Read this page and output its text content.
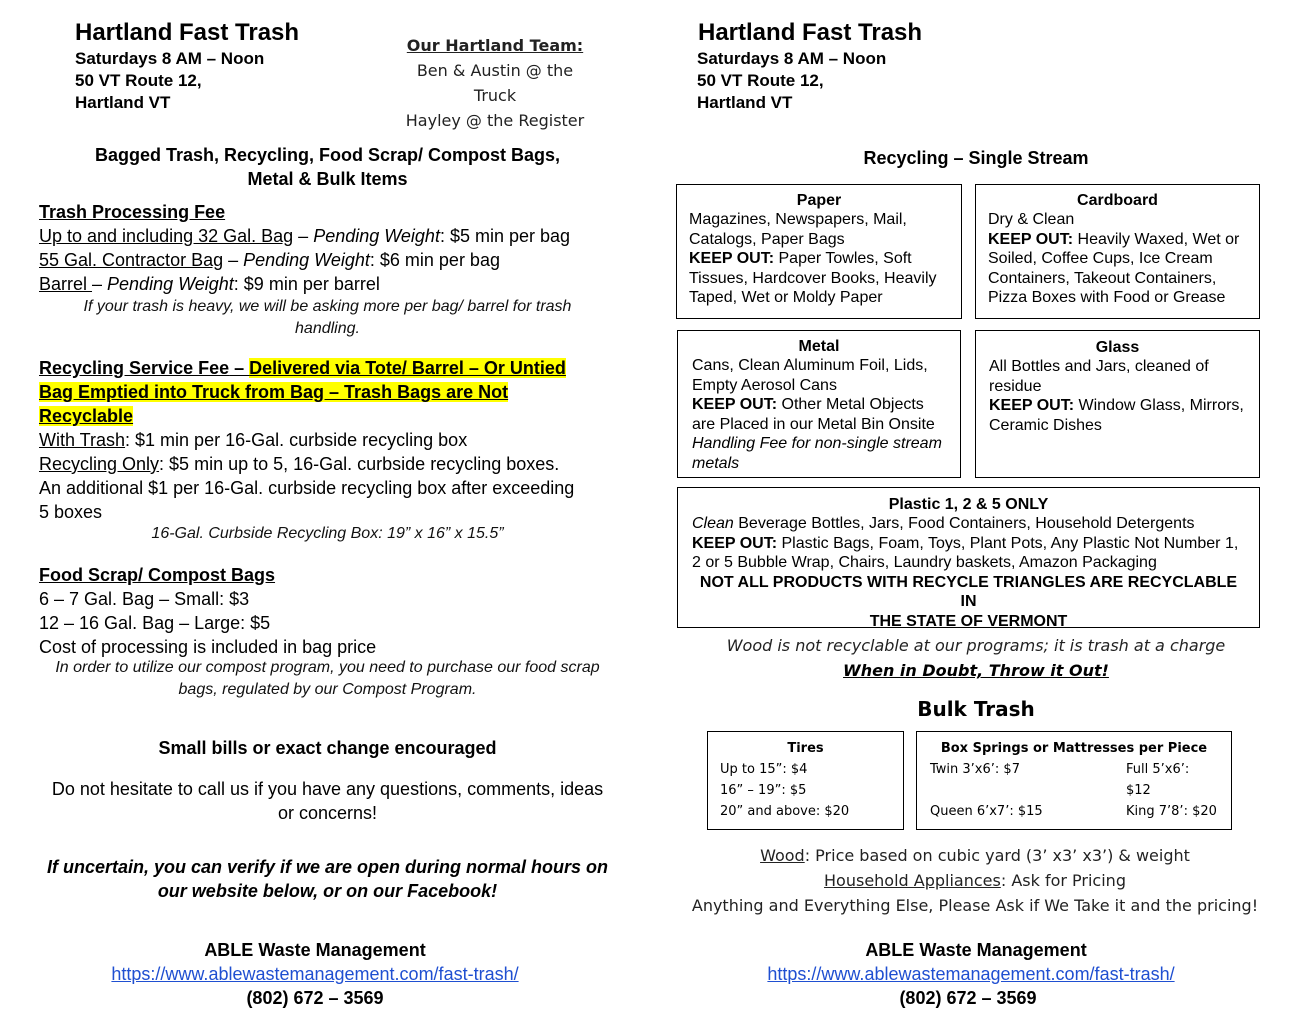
Hartland Fast Trash
Saturdays 8 AM – Noon
50 VT Route 12,
Hartland VT
Our Hartland Team:
Ben & Austin @ the
Truck
Hayley @ the Register
Bagged Trash, Recycling, Food Scrap/ Compost Bags,
Metal & Bulk Items
Trash Processing Fee
Up to and including 32 Gal. Bag – Pending Weight: $5 min per bag
55 Gal. Contractor Bag – Pending Weight: $6 min per bag
Barrel – Pending Weight: $9 min per barrel
If your trash is heavy, we will be asking more per bag/ barrel for trash handling.
Recycling Service Fee – Delivered via Tote/ Barrel – Or Untied
Bag Emptied into Truck from Bag – Trash Bags are Not
Recyclable
With Trash: $1 min per 16-Gal. curbside recycling box
Recycling Only: $5 min up to 5, 16-Gal. curbside recycling boxes.
An additional $1 per 16-Gal. curbside recycling box after exceeding
5 boxes
16-Gal. Curbside Recycling Box: 19” x 16” x 15.5”
Food Scrap/ Compost Bags
6 – 7 Gal. Bag – Small: $3
12 – 16 Gal. Bag – Large: $5
Cost of processing is included in bag price
In order to utilize our compost program, you need to purchase our food scrap bags, regulated by our Compost Program.
Small bills or exact change encouraged
Do not hesitate to call us if you have any questions, comments, ideas or concerns!
If uncertain, you can verify if we are open during normal hours on our website below, or on our Facebook!
ABLE Waste Management
https://www.ablewastemanagement.com/fast-trash/
(802) 672 – 3569
Hartland Fast Trash
Saturdays 8 AM – Noon
50 VT Route 12,
Hartland VT
Recycling – Single Stream
Paper
Magazines, Newspapers, Mail,
Catalogs, Paper Bags
KEEP OUT: Paper Towles, Soft
Tissues, Hardcover Books, Heavily
Taped, Wet or Moldy Paper
Cardboard
Dry & Clean
KEEP OUT: Heavily Waxed, Wet or
Soiled, Coffee Cups, Ice Cream
Containers, Takeout Containers,
Pizza Boxes with Food or Grease
Metal
Cans, Clean Aluminum Foil, Lids,
Empty Aerosol Cans
KEEP OUT: Other Metal Objects
are Placed in our Metal Bin Onsite
Handling Fee for non-single stream
metals
Glass
All Bottles and Jars, cleaned of
residue
KEEP OUT: Window Glass, Mirrors,
Ceramic Dishes
Plastic 1, 2 & 5 ONLY
Clean Beverage Bottles, Jars, Food Containers, Household Detergents
KEEP OUT: Plastic Bags, Foam, Toys, Plant Pots, Any Plastic Not Number 1,
2 or 5 Bubble Wrap, Chairs, Laundry baskets, Amazon Packaging
NOT ALL PRODUCTS WITH RECYCLE TRIANGLES ARE RECYCLABLE IN
THE STATE OF VERMONT
Wood is not recyclable at our programs; it is trash at a charge
When in Doubt, Throw it Out!
Bulk Trash
Tires
Up to 15”: $4
16” – 19”: $5
20” and above: $20
Box Springs or Mattresses per Piece
Twin 3’x6’: $7	Full 5’x6’: $12
Queen 6’x7’: $15	King 7’8’: $20
Wood: Price based on cubic yard (3’ x3’ x3’) & weight
Household Appliances: Ask for Pricing
Anything and Everything Else, Please Ask if We Take it and the pricing!
ABLE Waste Management
https://www.ablewastemanagement.com/fast-trash/
(802) 672 – 3569
